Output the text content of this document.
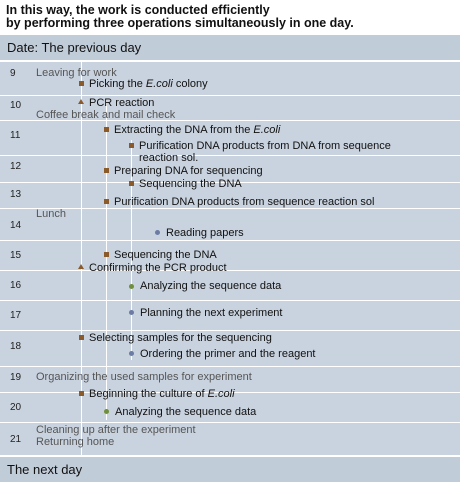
In this way, the work is conducted efficiently
by performing three operations simultaneously in one day.
Date: The previous day
The next day
9
10
11
12
13
14
15
16
17
18
19
20
21
Leaving for work
Picking the E.coli colony
PCR reaction
Coffee break and mail check
Extracting the DNA from the E.coli
Purification DNA products from DNA from sequence
reaction sol.
Preparing DNA for sequencing
Sequencing the DNA
Purification DNA products from sequence reaction sol
Lunch
Reading papers
Sequencing the DNA
Confirming the PCR product
Analyzing the sequence data
Planning the next experiment
Selecting samples for the sequencing
Ordering the primer and the reagent
Organizing the used samples for experiment
Beginning the culture of E.coli
Analyzing the sequence data
Cleaning up after the experiment
Returning home
